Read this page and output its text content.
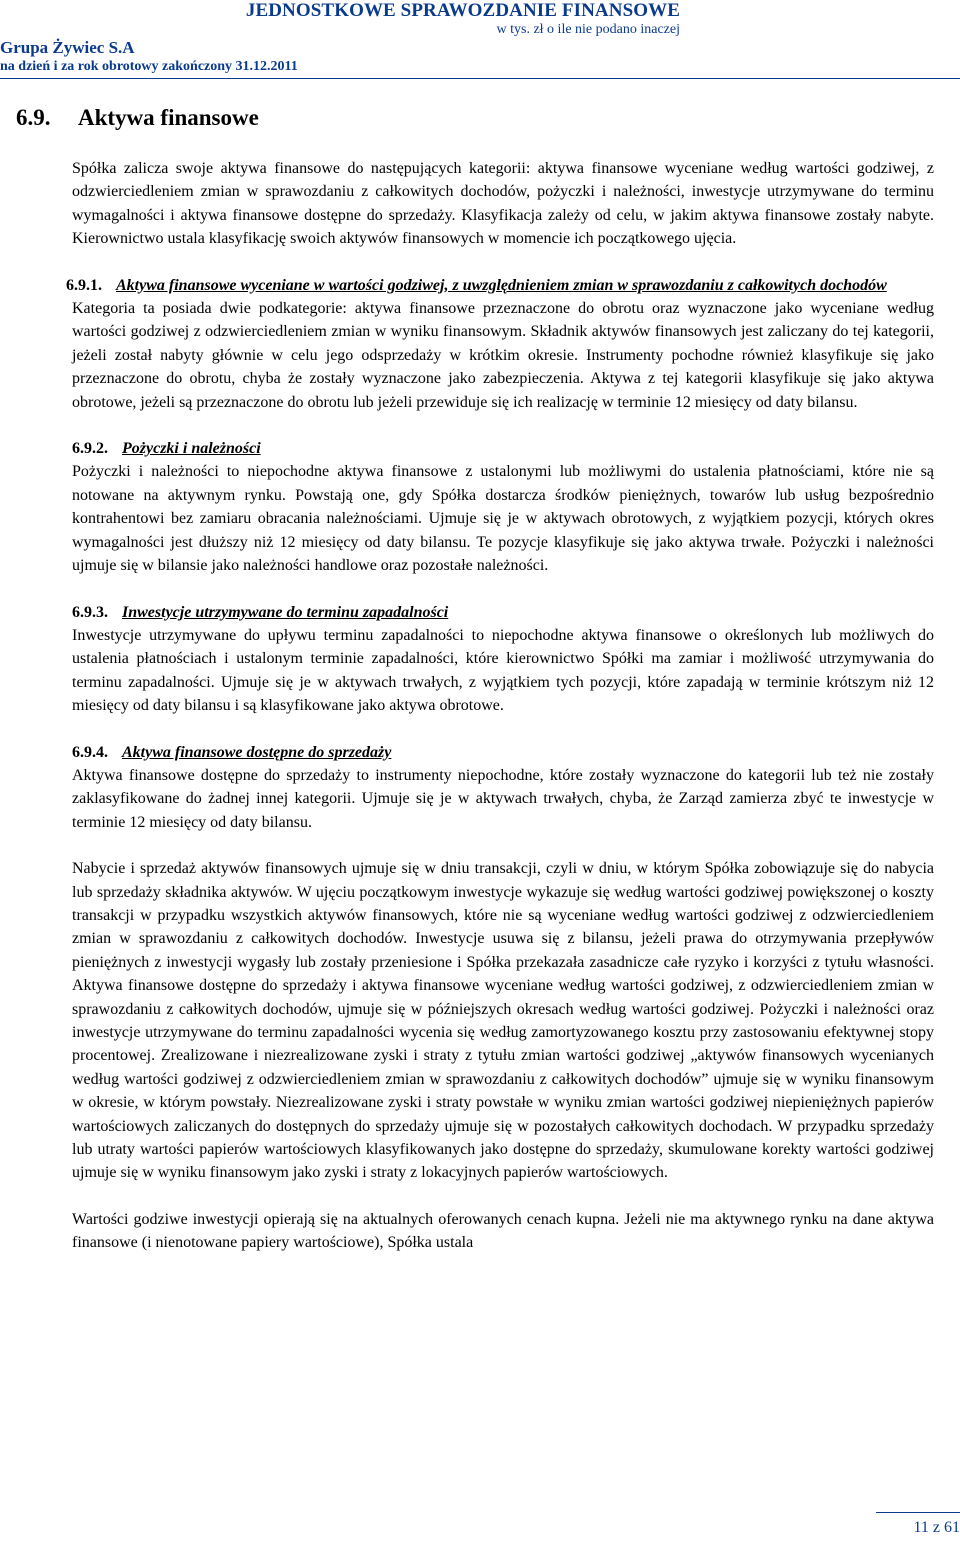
JEDNOSTKOWE SPRAWOZDANIE FINANSOWE
w tys. zł o ile nie podano inaczej
Grupa Żywiec S.A
na dzień i za rok obrotowy zakończony 31.12.2011
6.9. Aktywa finansowe

Spółka zalicza swoje aktywa finansowe do następujących kategorii: aktywa finansowe wyceniane według wartości godziwej, z odzwierciedleniem zmian w sprawozdaniu z całkowitych dochodów, pożyczki i należności, inwestycje utrzymywane do terminu wymagalności i aktywa finansowe dostępne do sprzedaży. Klasyfikacja zależy od celu, w jakim aktywa finansowe zostały nabyte. Kierownictwo ustala klasyfikację swoich aktywów finansowych w momencie ich początkowego ujęcia.

6.9.1. Aktywa finansowe wyceniane w wartości godziwej, z uwzględnieniem zmian w sprawozdaniu z całkowitych dochodów

Kategoria ta posiada dwie podkategorie: aktywa finansowe przeznaczone do obrotu oraz wyznaczone jako wyceniane według wartości godziwej z odzwierciedleniem zmian w wyniku finansowym. Składnik aktywów finansowych jest zaliczany do tej kategorii, jeżeli został nabyty głównie w celu jego odsprzedaży w krótkim okresie. Instrumenty pochodne również klasyfikuje się jako przeznaczone do obrotu, chyba że zostały wyznaczone jako zabezpieczenia. Aktywa z tej kategorii klasyfikuje się jako aktywa obrotowe, jeżeli są przeznaczone do obrotu lub jeżeli przewiduje się ich realizację w terminie 12 miesięcy od daty bilansu.

6.9.2. Pożyczki i należności

Pożyczki i należności to niepochodne aktywa finansowe z ustalonymi lub możliwymi do ustalenia płatnościami, które nie są notowane na aktywnym rynku. Powstają one, gdy Spółka dostarcza środków pieniężnych, towarów lub usług bezpośrednio kontrahentowi bez zamiaru obracania należnościami. Ujmuje się je w aktywach obrotowych, z wyjątkiem pozycji, których okres wymagalności jest dłuższy niż 12 miesięcy od daty bilansu. Te pozycje klasyfikuje się jako aktywa trwałe. Pożyczki i należności ujmuje się w bilansie jako należności handlowe oraz pozostałe należności.

6.9.3. Inwestycje utrzymywane do terminu zapadalności

Inwestycje utrzymywane do upływu terminu zapadalności to niepochodne aktywa finansowe o określonych lub możliwych do ustalenia płatnościach i ustalonym terminie zapadalności, które kierownictwo Spółki ma zamiar i możliwość utrzymywania do terminu zapadalności. Ujmuje się je w aktywach trwałych, z wyjątkiem tych pozycji, które zapadają w terminie krótszym niż 12 miesięcy od daty bilansu i są klasyfikowane jako aktywa obrotowe.

6.9.4. Aktywa finansowe dostępne do sprzedaży

Aktywa finansowe dostępne do sprzedaży to instrumenty niepochodne, które zostały wyznaczone do kategorii lub też nie zostały zaklasyfikowane do żadnej innej kategorii. Ujmuje się je w aktywach trwałych, chyba, że Zarząd zamierza zbyć te inwestycje w terminie 12 miesięcy od daty bilansu.

Nabycie i sprzedaż aktywów finansowych ujmuje się w dniu transakcji, czyli w dniu, w którym Spółka zobowiązuje się do nabycia lub sprzedaży składnika aktywów. W ujęciu początkowym inwestycje wykazuje się według wartości godziwej powiększonej o koszty transakcji w przypadku wszystkich aktywów finansowych, które nie są wyceniane według wartości godziwej z odzwierciedleniem zmian w sprawozdaniu z całkowitych dochodów. Inwestycje usuwa się z bilansu, jeżeli prawa do otrzymywania przepływów pieniężnych z inwestycji wygasły lub zostały przeniesione i Spółka przekazała zasadnicze całe ryzyko i korzyści z tytułu własności. Aktywa finansowe dostępne do sprzedaży i aktywa finansowe wyceniane według wartości godziwej, z odzwierciedleniem zmian w sprawozdaniu z całkowitych dochodów, ujmuje się w późniejszych okresach według wartości godziwej. Pożyczki i należności oraz inwestycje utrzymywane do terminu zapadalności wycenia się według zamortyzowanego kosztu przy zastosowaniu efektywnej stopy procentowej. Zrealizowane i niezrealizowane zyski i straty z tytułu zmian wartości godziwej „aktywów finansowych wycenianych według wartości godziwej z odzwierciedleniem zmian w sprawozdaniu z całkowitych dochodów” ujmuje się w wyniku finansowym w okresie, w którym powstały. Niezrealizowane zyski i straty powstałe w wyniku zmian wartości godziwej niepieniężnych papierów wartościowych zaliczanych do dostępnych do sprzedaży ujmuje się w pozostałych całkowitych dochodach. W przypadku sprzedaży lub utraty wartości papierów wartościowych klasyfikowanych jako dostępne do sprzedaży, skumulowane korekty wartości godziwej ujmuje się w wyniku finansowym jako zyski i straty z lokacyjnych papierów wartościowych.

Wartości godziwe inwestycji opierają się na aktualnych oferowanych cenach kupna. Jeżeli nie ma aktywnego rynku na dane aktywa finansowe (i nienotowane papiery wartościowe), Spółka ustala

11 z 61
